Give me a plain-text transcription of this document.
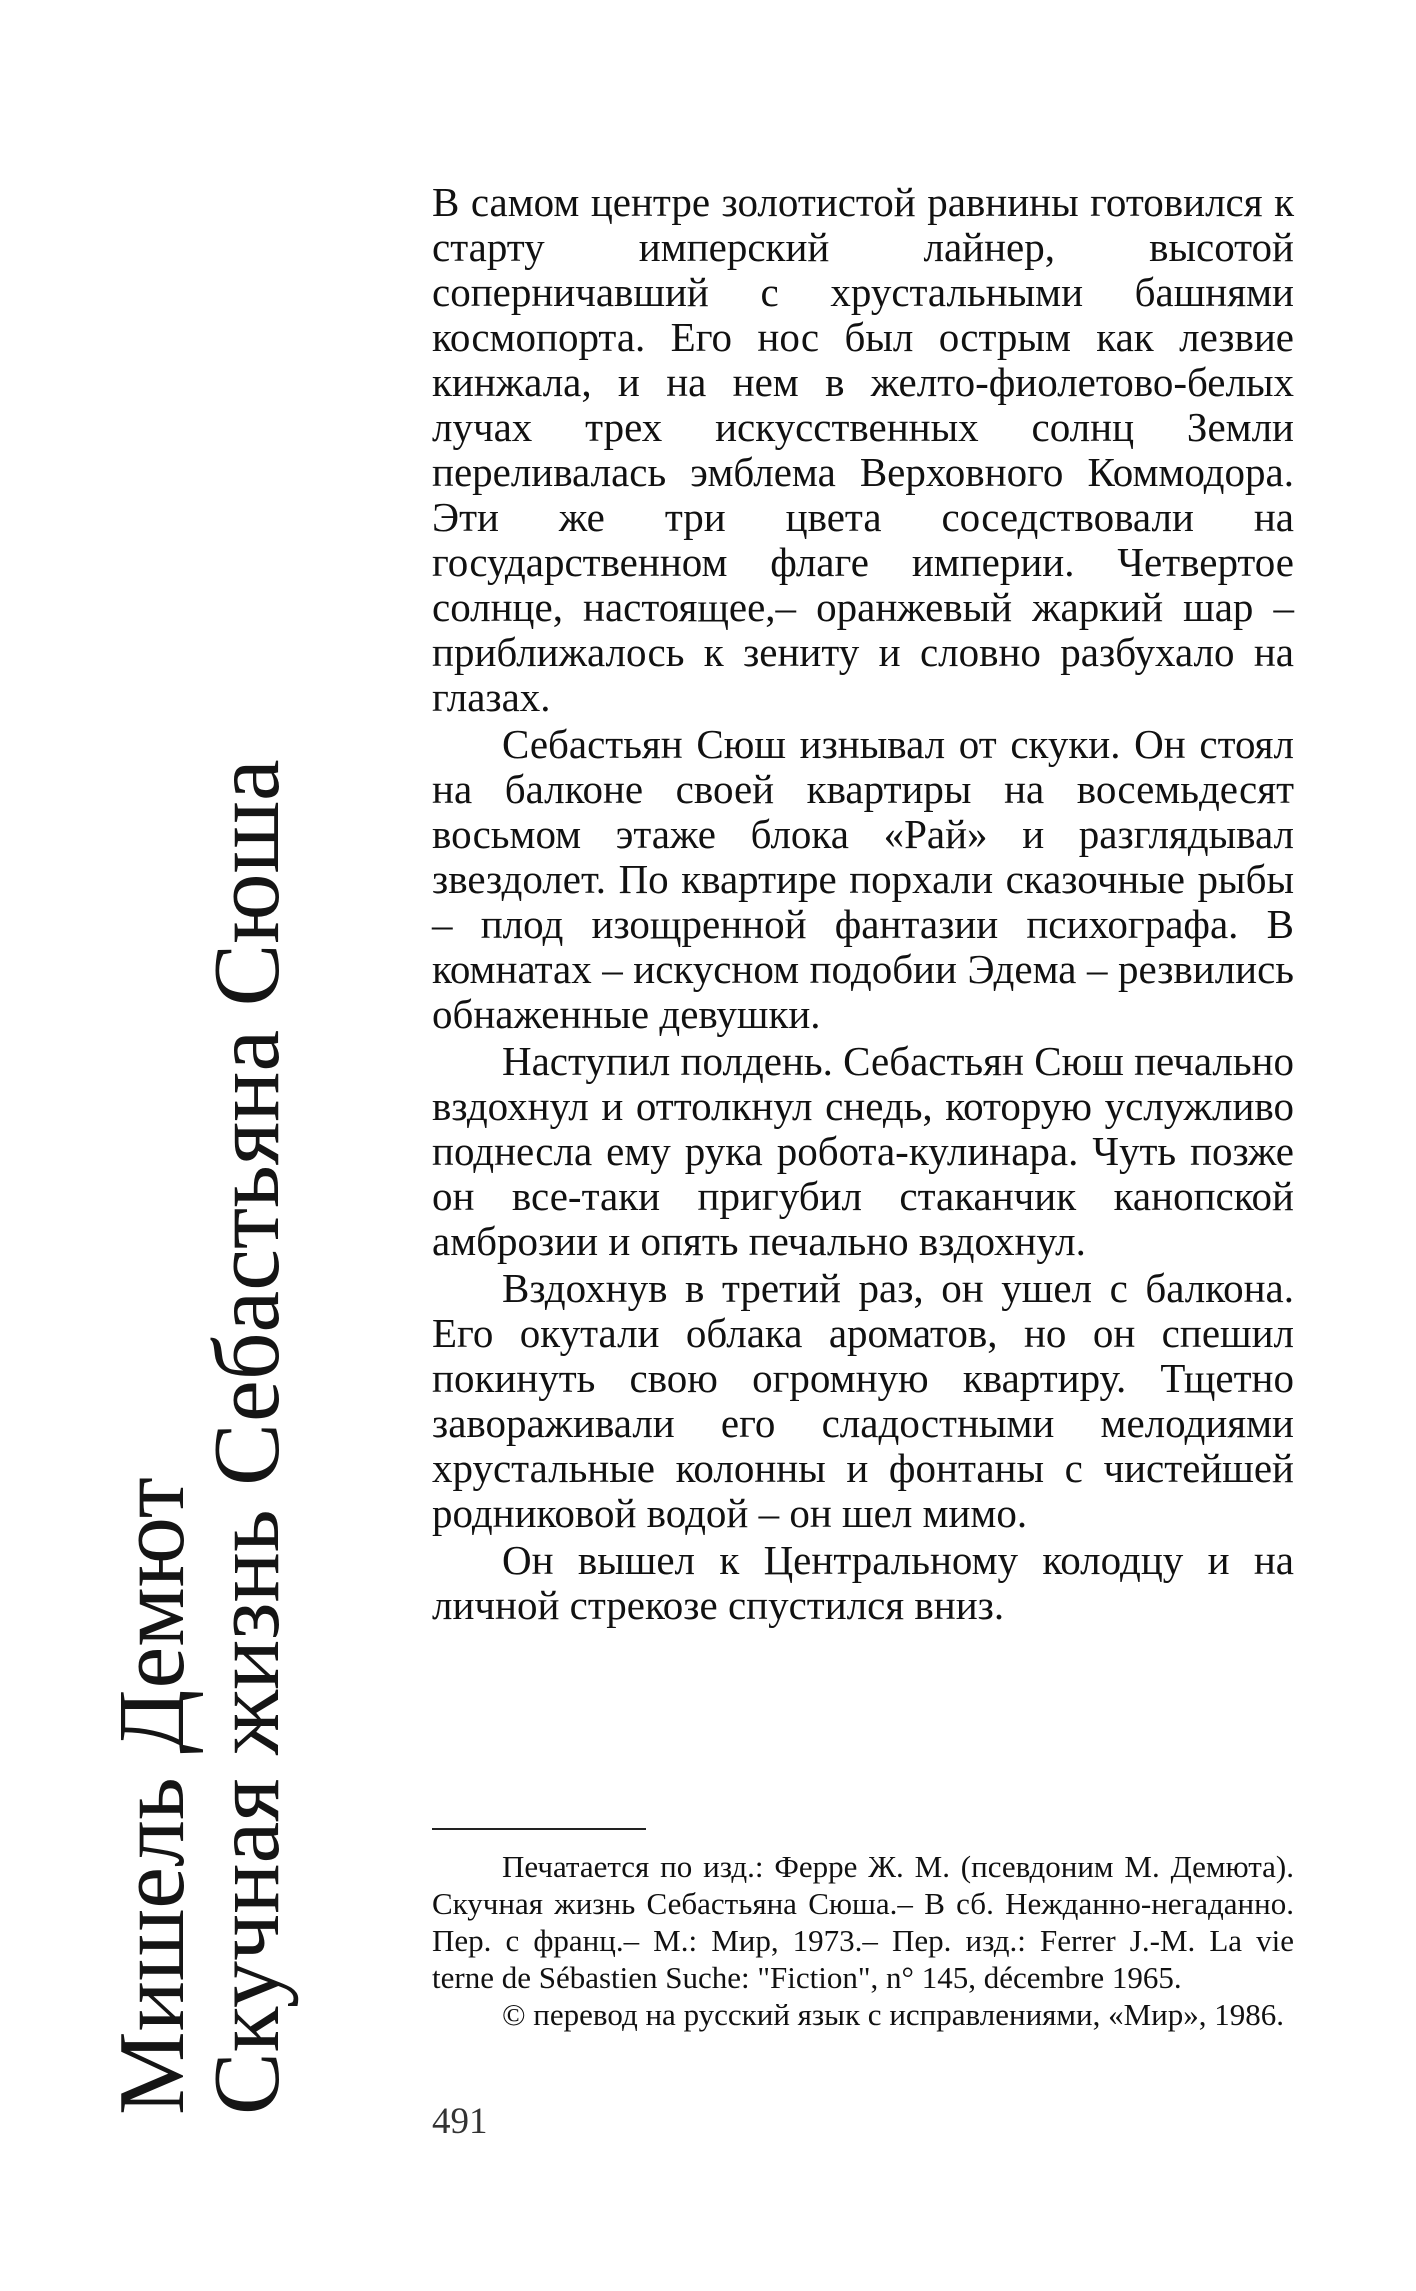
Мишель Демют
Скучная жизнь Себастьяна Сюша

В самом центре золотистой равнины готовился к старту имперский лайнер, высотой соперничавший с хрустальными башнями космопорта. Его нос был острым как лезвие кинжала, и на нем в желто-фиолетово-белых лучах трех искусственных солнц Земли переливалась эмблема Верховного Коммодора. Эти же три цвета соседствовали на государственном флаге империи. Четвертое солнце, настоящее,– оранжевый жаркий шар – приближалось к зениту и словно разбухало на глазах.

Себастьян Сюш изнывал от скуки. Он стоял на балконе своей квартиры на восемьдесят восьмом этаже блока «Рай» и разглядывал звездолет. По квартире порхали сказочные рыбы – плод изощренной фантазии психографа. В комнатах – искусном подобии Эдема – резвились обнаженные девушки.

Наступил полдень. Себастьян Сюш печально вздохнул и оттолкнул снедь, которую услужливо поднесла ему рука робота-кулинара. Чуть позже он все-таки пригубил стаканчик канопской амброзии и опять печально вздохнул.

Вздохнув в третий раз, он ушел с балкона. Его окутали облака ароматов, но он спешил покинуть свою огромную квартиру. Тщетно завораживали его сладостными мелодиями хрустальные колонны и фонтаны с чистейшей родниковой водой – он шел мимо.

Он вышел к Центральному колодцу и на личной стрекозе спустился вниз.

Печатается по изд.: Ферре Ж. М. (псевдоним М. Демюта). Скучная жизнь Себастьяна Сюша.– В сб. Нежданно-негаданно. Пер. с франц.– М.: Мир, 1973.– Пер. изд.: Ferrer J.-M. La vie terne de Sébastien Suche: "Fiction", n° 145, décembre 1965.

© перевод на русский язык с исправлениями, «Мир», 1986.

491
